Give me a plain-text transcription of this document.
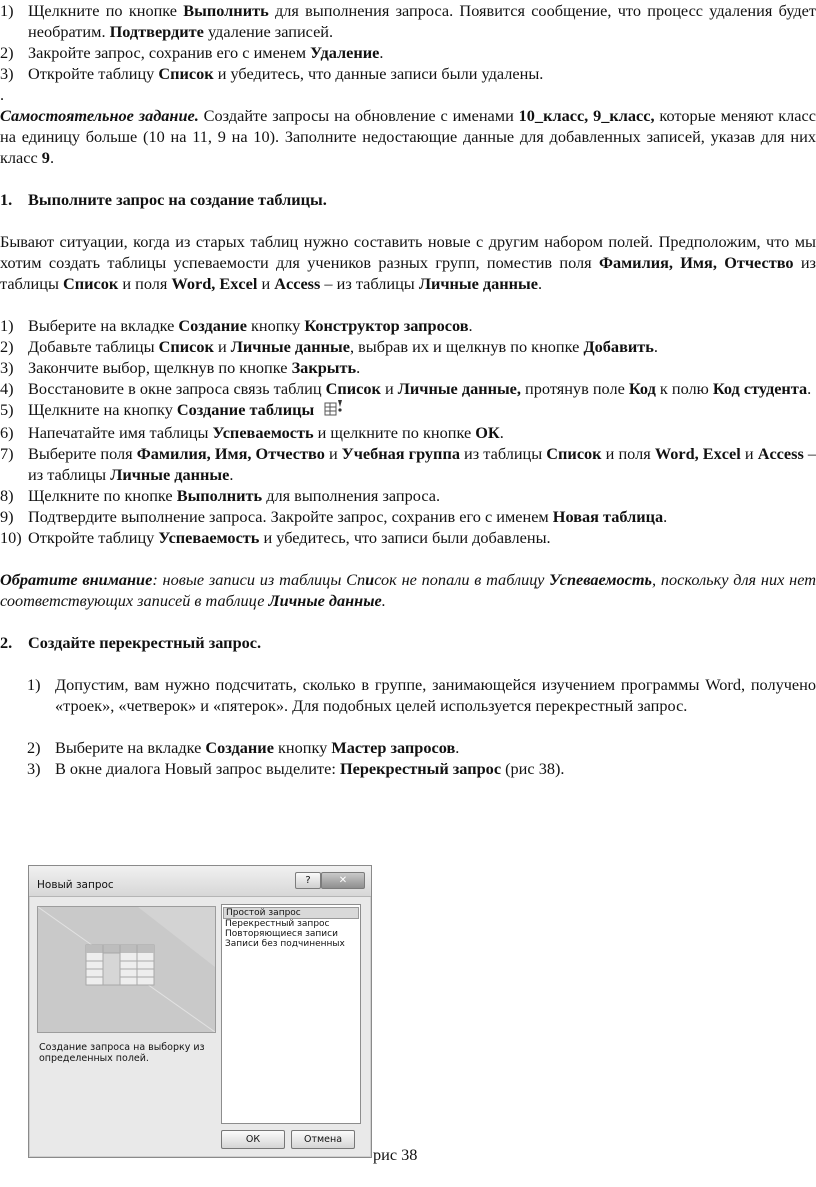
1) Щелкните по кнопке Выполнить для выполнения запроса. Появится сообщение, что процесс удаления будет необратим. Подтвердите удаление записей.
2) Закройте запрос, сохранив его с именем Удаление.
3) Откройте таблицу Список и убедитесь, что данные записи были удалены.

.

Самостоятельное задание. Создайте запросы на обновление с именами 10_класс, 9_класс, которые меняют класс на единицу больше (10 на 11, 9 на 10). Заполните недостающие данные для добавленных записей, указав для них класс 9.

1. Выполните запрос на создание таблицы.

Бывают ситуации, когда из старых таблиц нужно составить новые с другим набором полей. Предположим, что мы хотим создать таблицы успеваемости для учеников разных групп, поместив поля Фамилия, Имя, Отчество из таблицы Список и поля Word, Excel и Access – из таблицы Личные данные.

1) Выберите на вкладке Создание кнопку Конструктор запросов.
2) Добавьте таблицы Список и Личные данные, выбрав их и щелкнув по кнопке Добавить.
3) Закончите выбор, щелкнув по кнопке Закрыть.
4) Восстановите в окне запроса связь таблиц Список и Личные данные, протянув поле Код к полю Код студента.
5) Щелкните на кнопку Создание таблицы
6) Напечатайте имя таблицы Успеваемость и щелкните по кнопке ОК.
7) Выберите поля Фамилия, Имя, Отчество и Учебная группа из таблицы Список и поля Word, Excel и Access – из таблицы Личные данные.
8) Щелкните по кнопке Выполнить для выполнения запроса.
9) Подтвердите выполнение запроса. Закройте запрос, сохранив его с именем Новая таблица.
10) Откройте таблицу Успеваемость и убедитесь, что записи были добавлены.

Обратите внимание: новые записи из таблицы Список не попали в таблицу Успеваемость, поскольку для них нет соответствующих записей в таблице Личные данные.

2. Создайте перекрестный запрос.
1) Допустим, вам нужно подсчитать, сколько в группе, занимающейся изучением программы Word, получено «троек», «четверок» и «пятерок». Для подобных целей используется перекрестный запрос.
2) Выберите на вкладке Создание кнопку Мастер запросов.
3) В окне диалога Новый запрос выделите: Перекрестный запрос (рис 38).
Новый запрос	?	✕
Создание запроса на выборку из определенных полей.
Простой запрос
Перекрестный запрос
Повторяющиеся записи
Записи без подчиненных
ОК	Отмена
рис 38
